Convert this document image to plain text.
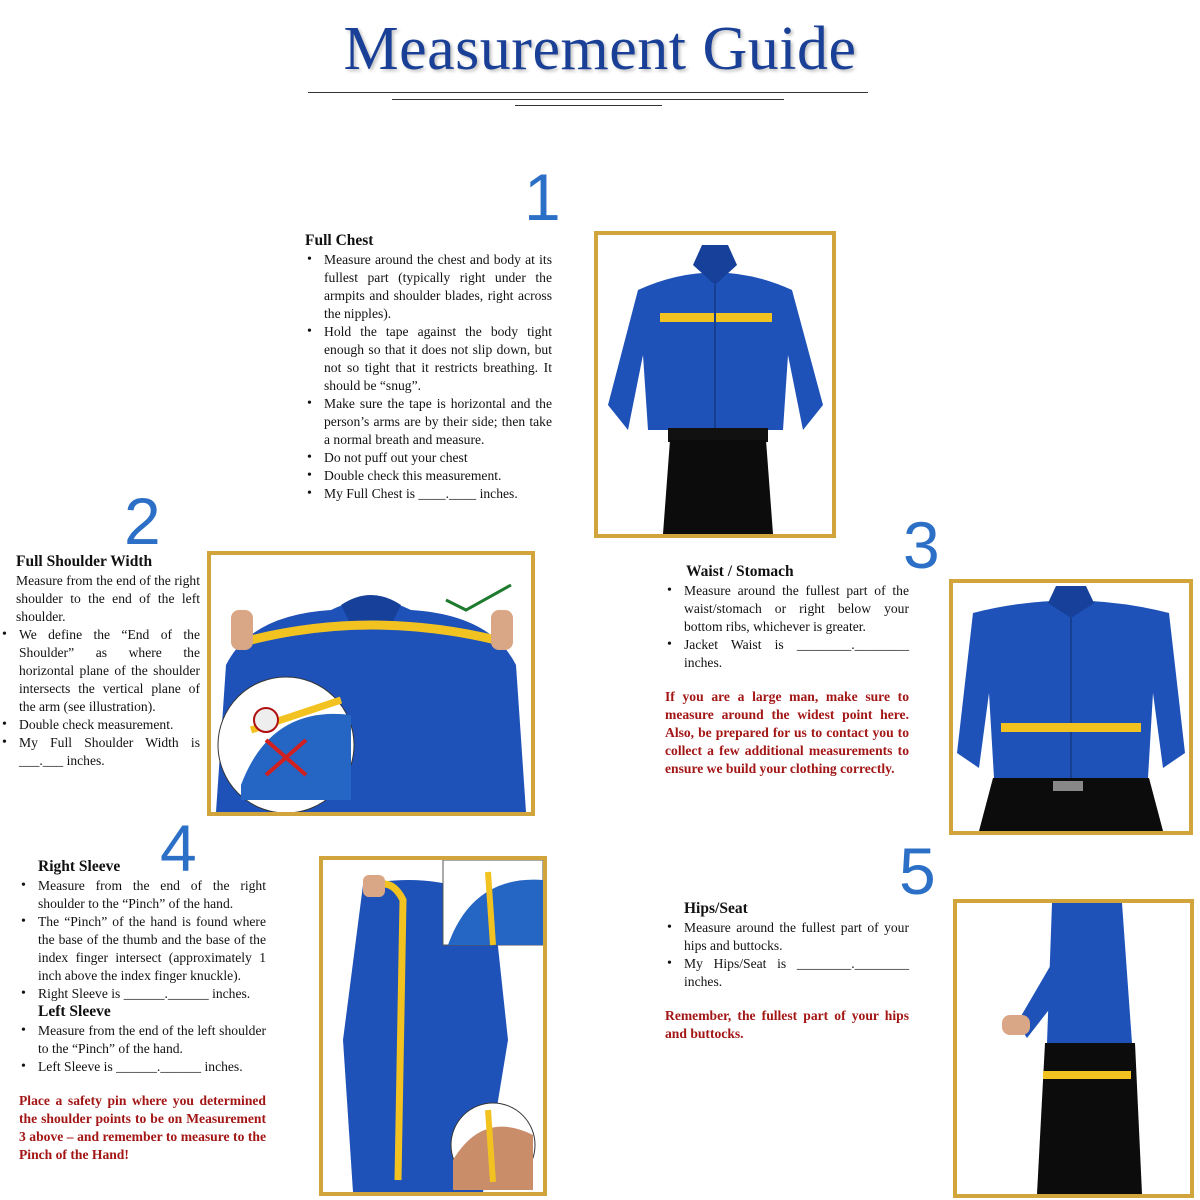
Measurement Guide
1
Full Chest
• Measure around the chest and body at its fullest part (typically right under the armpits and shoulder blades, right across the nipples).
• Hold the tape against the body tight enough so that it does not slip down, but not so tight that it restricts breathing. It should be “snug”.
• Make sure the tape is horizontal and the person’s arms are by their side; then take a normal breath and measure.
• Do not puff out your chest
• Double check this measurement.
• My Full Chest is ____.____ inches.
2
Full Shoulder Width

Measure from the end of the right shoulder to the end of the left shoulder.

• We define the “End of the Shoulder” as where the horizontal plane of the shoulder intersects the vertical plane of the arm (see illustration).
• Double check measurement.
• My Full Shoulder Width is ___.___ inches.
3
Waist / Stomach
• Measure around the fullest part of the waist/stomach or right below your bottom ribs, whichever is greater.
• Jacket Waist is ________.________ inches.

If you are a large man, make sure to measure around the widest point here. Also, be prepared for us to contact you to collect a few additional measurements to ensure we build your clothing correctly.

4
Right Sleeve
• Measure from the end of the right shoulder to the “Pinch” of the hand.
• The “Pinch” of the hand is found where the base of the thumb and the base of the index finger intersect (approximately 1 inch above the index finger knuckle).
• Right Sleeve is ______.______ inches.
Left Sleeve
• Measure from the end of the left shoulder to the “Pinch” of the hand.
• Left Sleeve is ______.______ inches.

Place a safety pin where you determined the shoulder points to be on Measurement 3 above – and remember to measure to the Pinch of the Hand!

5
Hips/Seat
• Measure around the fullest part of your hips and buttocks.
• My Hips/Seat is ________.________ inches.

Remember, the fullest part of your hips and buttocks.
